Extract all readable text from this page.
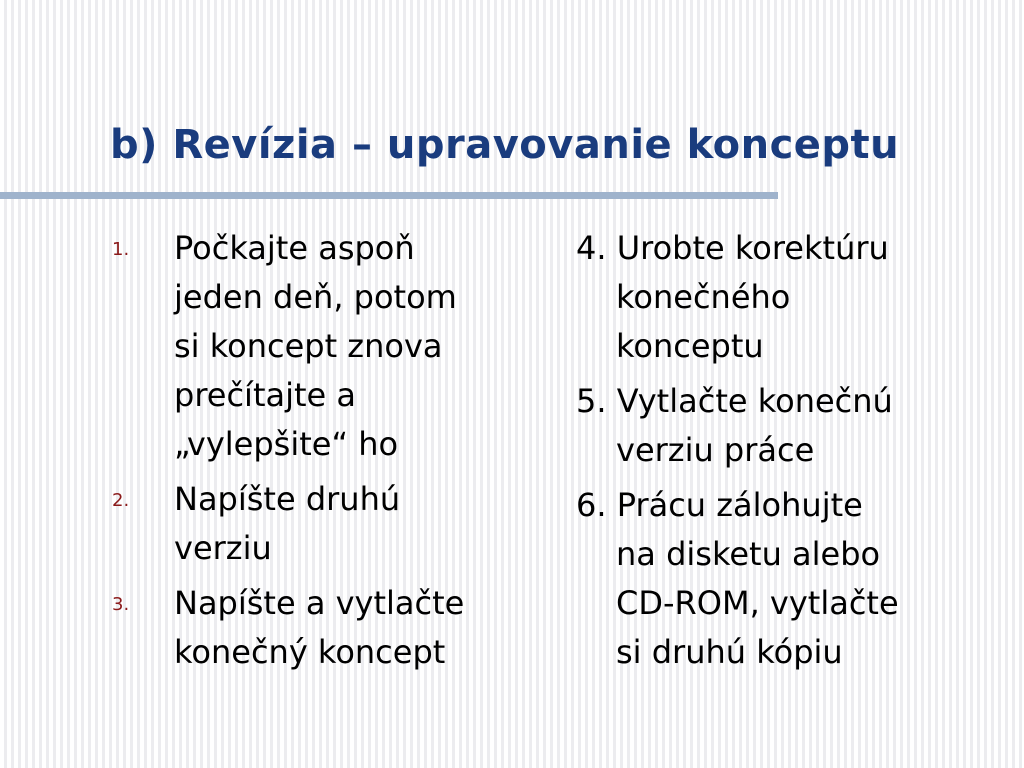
b) Revízia – upravovanie konceptu
1. Počkajte aspoň
jeden deň, potom
si koncept znova
prečítajte a
„vylepšite“ ho
2. Napíšte druhú
verziu
3. Napíšte a vytlačte
konečný koncept
4. Urobte korektúru
konečného
konceptu
5. Vytlačte konečnú
verziu práce
6. Prácu zálohujte
na disketu alebo
CD-ROM, vytlačte
si druhú kópiu
